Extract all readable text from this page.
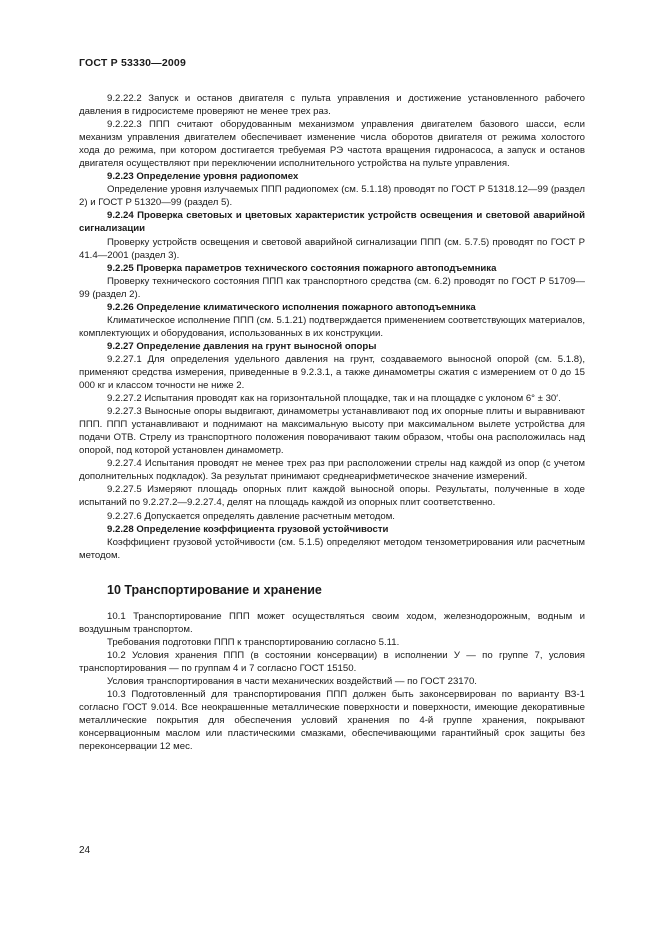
ГОСТ Р 53330—2009

9.2.22.2 Запуск и останов двигателя с пульта управления и достижение установленного рабочего давления в гидросистеме проверяют не менее трех раз.

9.2.22.3 ППП считают оборудованным механизмом управления двигателем базового шасси, если механизм управления двигателем обеспечивает изменение числа оборотов двигателя от режима холостого хода до режима, при котором достигается требуемая РЭ частота вращения гидронасоса, а запуск и останов двигателя осуществляют при переключении исполнительного устройства на пульте управления.

9.2.23 Определение уровня радиопомех

Определение уровня излучаемых ППП радиопомех (см. 5.1.18) проводят по ГОСТ Р 51318.12—99 (раздел 2) и ГОСТ Р 51320—99 (раздел 5).

9.2.24 Проверка световых и цветовых характеристик устройств освещения и световой аварийной сигнализации

Проверку устройств освещения и световой аварийной сигнализации ППП (см. 5.7.5) проводят по ГОСТ Р 41.4—2001 (раздел 3).

9.2.25 Проверка параметров технического состояния пожарного автоподъемника

Проверку технического состояния ППП как транспортного средства (см. 6.2) проводят по ГОСТ Р 51709—99 (раздел 2).

9.2.26 Определение климатического исполнения пожарного автоподъемника

Климатическое исполнение ППП (см. 5.1.21) подтверждается применением соответствующих материалов, комплектующих и оборудования, использованных в их конструкции.

9.2.27 Определение давления на грунт выносной опоры

9.2.27.1 Для определения удельного давления на грунт, создаваемого выносной опорой (см. 5.1.8), применяют средства измерения, приведенные в 9.2.3.1, а также динамометры сжатия с измерением от 0 до 15 000 кг и классом точности не ниже 2.

9.2.27.2 Испытания проводят как на горизонтальной площадке, так и на площадке с уклоном 6° ± 30′.

9.2.27.3 Выносные опоры выдвигают, динамометры устанавливают под их опорные плиты и выравнивают ППП. ППП устанавливают и поднимают на максимальную высоту при максимальном вылете устройства для подачи ОТВ. Стрелу из транспортного положения поворачивают таким образом, чтобы она расположилась над опорой, под которой установлен динамометр.

9.2.27.4 Испытания проводят не менее трех раз при расположении стрелы над каждой из опор (с учетом дополнительных подкладок). За результат принимают среднеарифметическое значение измерений.

9.2.27.5 Измеряют площадь опорных плит каждой выносной опоры. Результаты, полученные в ходе испытаний по 9.2.27.2—9.2.27.4, делят на площадь каждой из опорных плит соответственно.

9.2.27.6 Допускается определять давление расчетным методом.

9.2.28 Определение коэффициента грузовой устойчивости

Коэффициент грузовой устойчивости (см. 5.1.5) определяют методом тензометрирования или расчетным методом.

10 Транспортирование и хранение

10.1 Транспортирование ППП может осуществляться своим ходом, железнодорожным, водным и воздушным транспортом.

Требования подготовки ППП к транспортированию согласно 5.11.

10.2 Условия хранения ППП (в состоянии консервации) в исполнении У — по группе 7, условия транспортирования — по группам 4 и 7 согласно ГОСТ 15150.

Условия транспортирования в части механических воздействий — по ГОСТ 23170.

10.3 Подготовленный для транспортирования ППП должен быть законсервирован по варианту ВЗ-1 согласно ГОСТ 9.014. Все неокрашенные металлические поверхности и поверхности, имеющие декоративные металлические покрытия для обеспечения условий хранения по 4-й группе хранения, покрывают консервационным маслом или пластическими смазками, обеспечивающими гарантийный срок защиты без переконсервации 12 мес.

24
